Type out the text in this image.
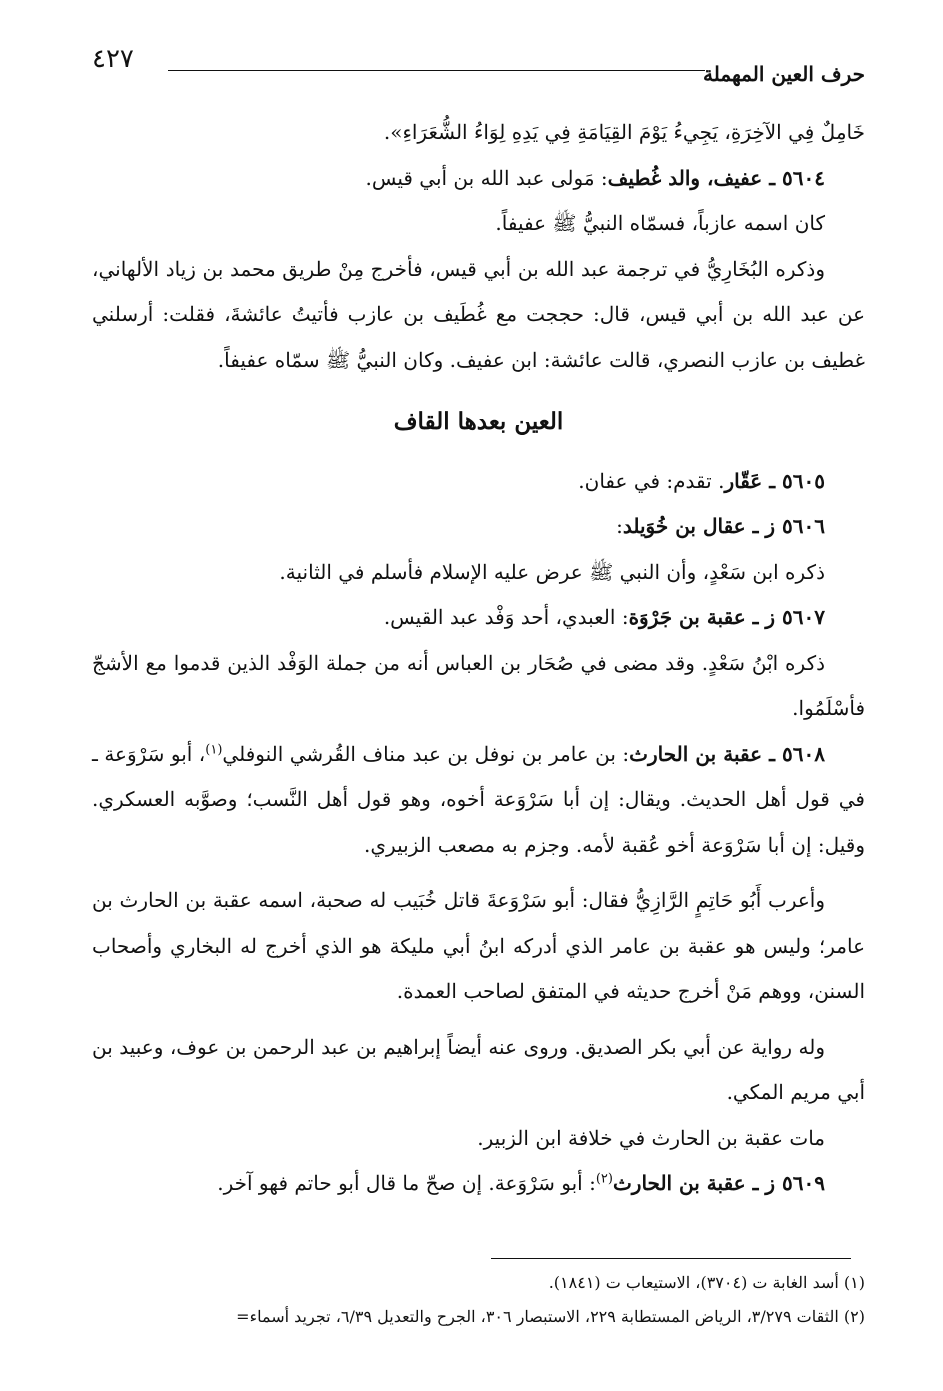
حرف العين المهملة
٤٢٧

خَامِلٌ فِي الآخِرَةِ، يَجِيءُ يَوْمَ القِيَامَةِ فِي يَدِهِ لِوَاءُ الشُّعَرَاءِ».

٥٦٠٤ ـ عفيف، والد غُطيف: مَولى عبد الله بن أبي قيس.

كان اسمه عازباً، فسمّاه النبيُّ ﷺ عفيفاً.

وذكره البُخَارِيُّ في ترجمة عبد الله بن أبي قيس، فأخرج مِنْ طريق محمد بن زياد الألهاني، عن عبد الله بن أبي قيس، قال: حججت مع غُطَيف بن عازب فأتيتُ عائشةَ، فقلت: أرسلني غطيف بن عازب النصري، قالت عائشة: ابن عفيف. وكان النبيُّ ﷺ سمّاه عفيفاً.

العين بعدها القاف

٥٦٠٥ ـ عَقّار. تقدم: في عفان.

٥٦٠٦ ز ـ عقال بن خُوَيلد:

ذكره ابن سَعْدٍ، وأن النبي ﷺ عرض عليه الإسلام فأسلم في الثانية.

٥٦٠٧ ز ـ عقبة بن جَرْوَة: العبدي، أحد وَفْد عبد القيس.

ذكره ابْنُ سَعْدٍ. وقد مضى في صُحَار بن العباس أنه من جملة الوَفْد الذين قدموا مع الأشجّ فأسْلَمُوا.

٥٦٠٨ ـ عقبة بن الحارث: بن عامر بن نوفل بن عبد مناف القُرشي النوفلي$^{(١)}$، أبو سَرْوَعة ـ في قول أهل الحديث. ويقال: إن أبا سَرْوَعة أخوه، وهو قول أهل النَّسب؛ وصوَّبه العسكري. وقيل: إن أبا سَرْوَعة أخو عُقبة لأمه. وجزم به مصعب الزبيري.

وأعرب أَبُو حَاتِمٍ الرَّازِيُّ فقال: أبو سَرْوَعةَ قاتل خُبَيب له صحبة، اسمه عقبة بن الحارث بن عامر؛ وليس هو عقبة بن عامر الذي أدركه ابنُ أبي مليكة هو الذي أخرج له البخاري وأصحاب السنن، ووهم مَنْ أخرج حديثه في المتفق لصاحب العمدة.

وله رواية عن أبي بكر الصديق. وروى عنه أيضاً إبراهيم بن عبد الرحمن بن عوف، وعبيد بن أبي مريم المكي.

مات عقبة بن الحارث في خلافة ابن الزبير.

٥٦٠٩ ز ـ عقبة بن الحارث$^{(٢)}$: أبو سَرْوَعة. إن صحّ ما قال أبو حاتم فهو آخر.

(١) أسد الغابة ت (٣٧٠٤)، الاستيعاب ت (١٨٤١).

(٢) الثقات ٣/٢٧٩، الرياض المستطابة ٢٢٩، الاستبصار ٣٠٦، الجرح والتعديل ٦/٣٩، تجريد أسماء=
